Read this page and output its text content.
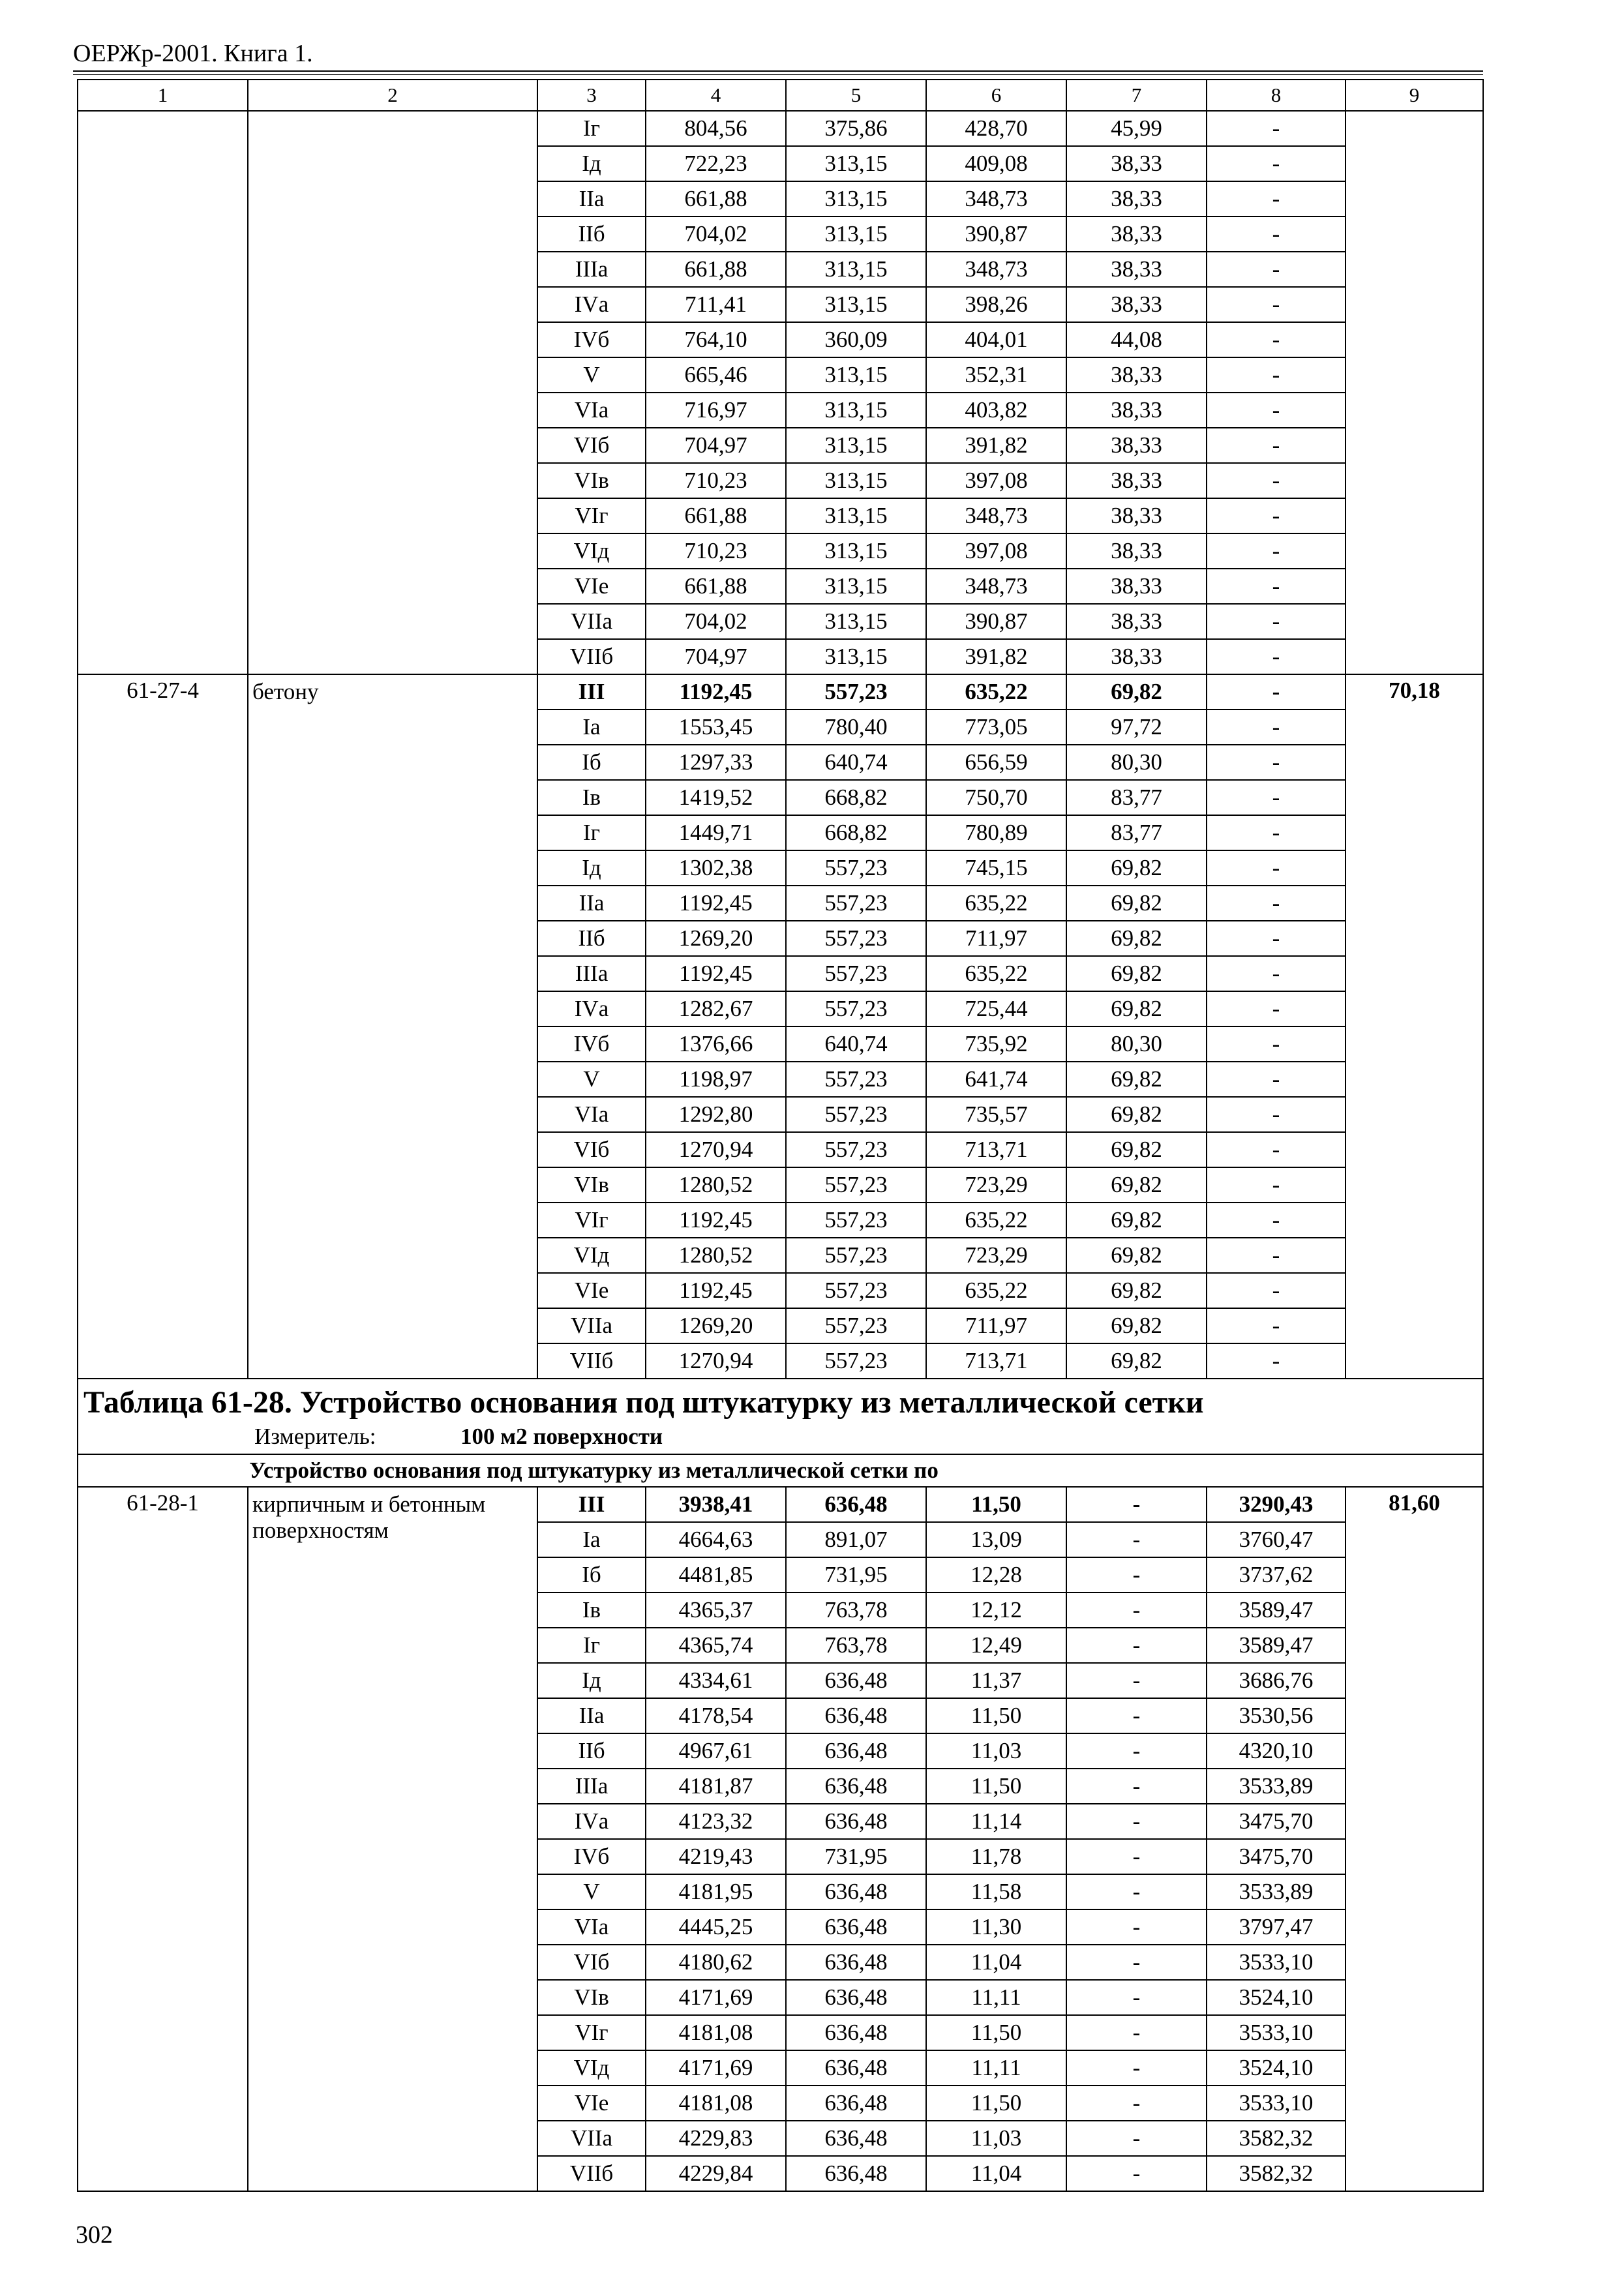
ОЕРЖр-2001. Книга 1.
1	2	3	4	5	6	7	8	9
		Iг	804,56	375,86	428,70	45,99	-	
		Iд	722,23	313,15	409,08	38,33	-	
		IIа	661,88	313,15	348,73	38,33	-	
		IIб	704,02	313,15	390,87	38,33	-	
		IIIа	661,88	313,15	348,73	38,33	-	
		IVа	711,41	313,15	398,26	38,33	-	
		IVб	764,10	360,09	404,01	44,08	-	
		V	665,46	313,15	352,31	38,33	-	
		VIа	716,97	313,15	403,82	38,33	-	
		VIб	704,97	313,15	391,82	38,33	-	
		VIв	710,23	313,15	397,08	38,33	-	
		VIг	661,88	313,15	348,73	38,33	-	
		VIд	710,23	313,15	397,08	38,33	-	
		VIе	661,88	313,15	348,73	38,33	-	
		VIIа	704,02	313,15	390,87	38,33	-	
		VIIб	704,97	313,15	391,82	38,33	-	
61-27-4	бетону	III	1192,45	557,23	635,22	69,82	-	70,18
		Iа	1553,45	780,40	773,05	97,72	-	
		Iб	1297,33	640,74	656,59	80,30	-	
		Iв	1419,52	668,82	750,70	83,77	-	
		Iг	1449,71	668,82	780,89	83,77	-	
		Iд	1302,38	557,23	745,15	69,82	-	
		IIа	1192,45	557,23	635,22	69,82	-	
		IIб	1269,20	557,23	711,97	69,82	-	
		IIIа	1192,45	557,23	635,22	69,82	-	
		IVа	1282,67	557,23	725,44	69,82	-	
		IVб	1376,66	640,74	735,92	80,30	-	
		V	1198,97	557,23	641,74	69,82	-	
		VIа	1292,80	557,23	735,57	69,82	-	
		VIб	1270,94	557,23	713,71	69,82	-	
		VIв	1280,52	557,23	723,29	69,82	-	
		VIг	1192,45	557,23	635,22	69,82	-	
		VIд	1280,52	557,23	723,29	69,82	-	
		VIе	1192,45	557,23	635,22	69,82	-	
		VIIа	1269,20	557,23	711,97	69,82	-	
		VIIб	1270,94	557,23	713,71	69,82	-	

Таблица 61-28. Устройство основания под штукатурку из металлической сетки
Измеритель: 100 м2 поверхности								

Устройство основания под штукатурку из металлической сетки по								
61-28-1	кирпичным и бетонным поверхностям	III	3938,41	636,48	11,50	-	3290,43	81,60
		Iа	4664,63	891,07	13,09	-	3760,47	
		Iб	4481,85	731,95	12,28	-	3737,62	
		Iв	4365,37	763,78	12,12	-	3589,47	
		Iг	4365,74	763,78	12,49	-	3589,47	
		Iд	4334,61	636,48	11,37	-	3686,76	
		IIа	4178,54	636,48	11,50	-	3530,56	
		IIб	4967,61	636,48	11,03	-	4320,10	
		IIIа	4181,87	636,48	11,50	-	3533,89	
		IVа	4123,32	636,48	11,14	-	3475,70	
		IVб	4219,43	731,95	11,78	-	3475,70	
		V	4181,95	636,48	11,58	-	3533,89	
		VIа	4445,25	636,48	11,30	-	3797,47	
		VIб	4180,62	636,48	11,04	-	3533,10	
		VIв	4171,69	636,48	11,11	-	3524,10	
		VIг	4181,08	636,48	11,50	-	3533,10	
		VIд	4171,69	636,48	11,11	-	3524,10	
		VIе	4181,08	636,48	11,50	-	3533,10	
		VIIа	4229,83	636,48	11,03	-	3582,32	
		VIIб	4229,84	636,48	11,04	-	3582,32	
302
